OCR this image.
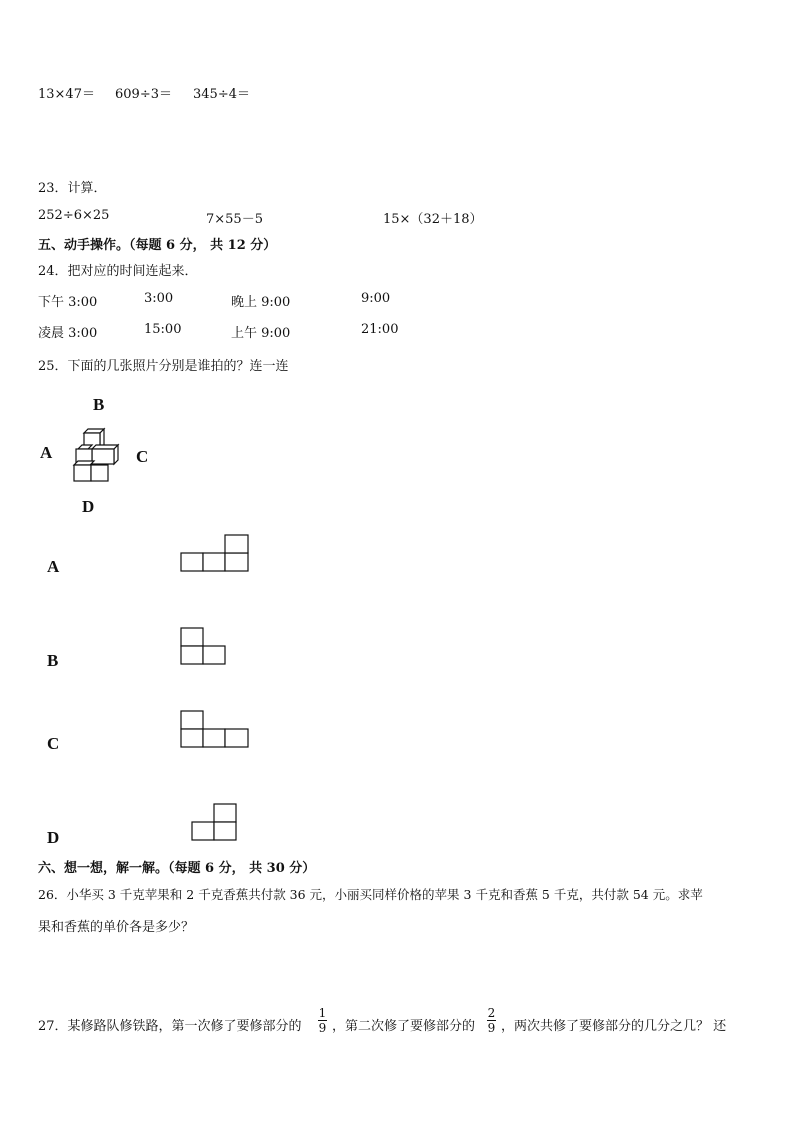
13×47＝ 609÷3＝ 345÷4＝
23．计算．
252÷6×25	7×55－5	15×（32＋18）
五、动手操作。（每题 6 分， 共 12 分）
24．把对应的时间连起来．
下午 3:00	3:00	晚上 9:00	9:00
凌晨 3:00	15:00	上午 9:00	21:00
25．下面的几张照片分别是谁拍的？连一连
B
A	C
D
A
B
C
D
六、想一想，解一解。（每题 6 分， 共 30 分）
26．小华买 3 千克苹果和 2 千克香蕉共付款 36 元，小丽买同样价格的苹果 3 千克和香蕉 5 千克，共付款 54 元。求苹
果和香蕉的单价各是多少？
27．某修路队修铁路，第一次修了要修部分的
1
9 ，第二次修了要修部分的
2
9 ，两次共修了要修部分的几分之几？ 还
